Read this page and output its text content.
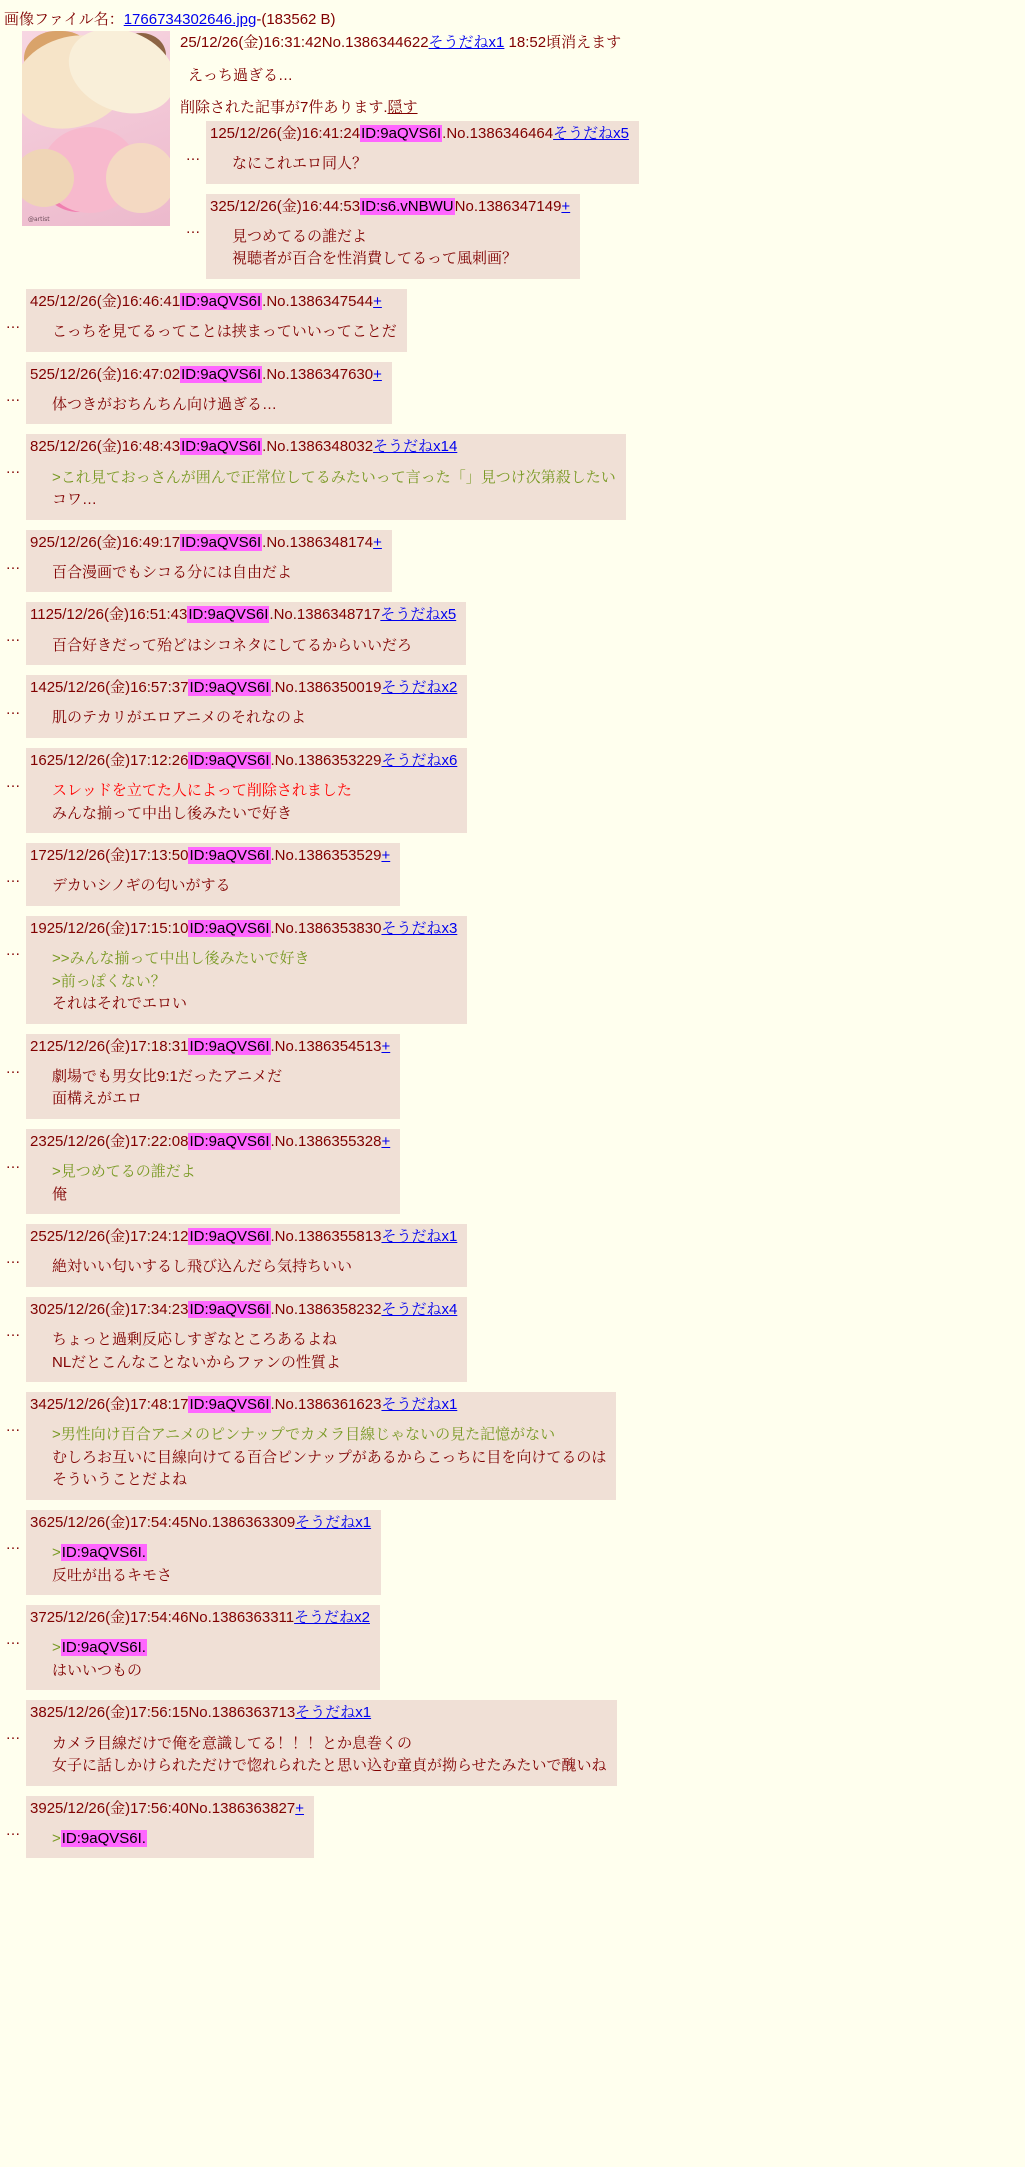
画像ファイル名：1766734302646.jpg-(183562 B)
@artist
25/12/26(金)16:31:42No.1386344622そうだねx1 18:52頃消えます
えっち過ぎる…
削除された記事が7件あります.隠す
…
125/12/26(金)16:41:24ID:9aQVS6I.No.1386346464そうだねx5
なにこれエロ同人？
…
325/12/26(金)16:44:53ID:s6.vNBWUNo.1386347149+
見つめてるの誰だよ
視聴者が百合を性消費してるって風刺画？
…
425/12/26(金)16:46:41ID:9aQVS6I.No.1386347544+
こっちを見てるってことは挟まっていいってことだ
…
525/12/26(金)16:47:02ID:9aQVS6I.No.1386347630+
体つきがおちんちん向け過ぎる…
…
825/12/26(金)16:48:43ID:9aQVS6I.No.1386348032そうだねx14
>これ見ておっさんが囲んで正常位してるみたいって言った「」見つけ次第殺したい
コワ…
…
925/12/26(金)16:49:17ID:9aQVS6I.No.1386348174+
百合漫画でもシコる分には自由だよ
…
1125/12/26(金)16:51:43ID:9aQVS6I.No.1386348717そうだねx5
百合好きだって殆どはシコネタにしてるからいいだろ
…
1425/12/26(金)16:57:37ID:9aQVS6I.No.1386350019そうだねx2
肌のテカリがエロアニメのそれなのよ
…
1625/12/26(金)17:12:26ID:9aQVS6I.No.1386353229そうだねx6
スレッドを立てた人によって削除されました
みんな揃って中出し後みたいで好き
…
1725/12/26(金)17:13:50ID:9aQVS6I.No.1386353529+
デカいシノギの匂いがする
…
1925/12/26(金)17:15:10ID:9aQVS6I.No.1386353830そうだねx3
>>みんな揃って中出し後みたいで好き
>前っぽくない？
それはそれでエロい
…
2125/12/26(金)17:18:31ID:9aQVS6I.No.1386354513+
劇場でも男女比9:1だったアニメだ
面構えがエロ
…
2325/12/26(金)17:22:08ID:9aQVS6I.No.1386355328+
>見つめてるの誰だよ
俺
…
2525/12/26(金)17:24:12ID:9aQVS6I.No.1386355813そうだねx1
絶対いい匂いするし飛び込んだら気持ちいい
…
3025/12/26(金)17:34:23ID:9aQVS6I.No.1386358232そうだねx4
ちょっと過剰反応しすぎなところあるよね
NLだとこんなことないからファンの性質よ
…
3425/12/26(金)17:48:17ID:9aQVS6I.No.1386361623そうだねx1
>男性向け百合アニメのピンナップでカメラ目線じゃないの見た記憶がない
むしろお互いに目線向けてる百合ピンナップがあるからこっちに目を向けてるのは
そういうことだよね
…
3625/12/26(金)17:54:45No.1386363309そうだねx1
>ID:9aQVS6I.
反吐が出るキモさ
…
3725/12/26(金)17:54:46No.1386363311そうだねx2
>ID:9aQVS6I.
はいいつもの
…
3825/12/26(金)17:56:15No.1386363713そうだねx1
カメラ目線だけで俺を意識してる！！！とか息巻くの
女子に話しかけられただけで惚れられたと思い込む童貞が拗らせたみたいで醜いね
…
3925/12/26(金)17:56:40No.1386363827+
>ID:9aQVS6I.
